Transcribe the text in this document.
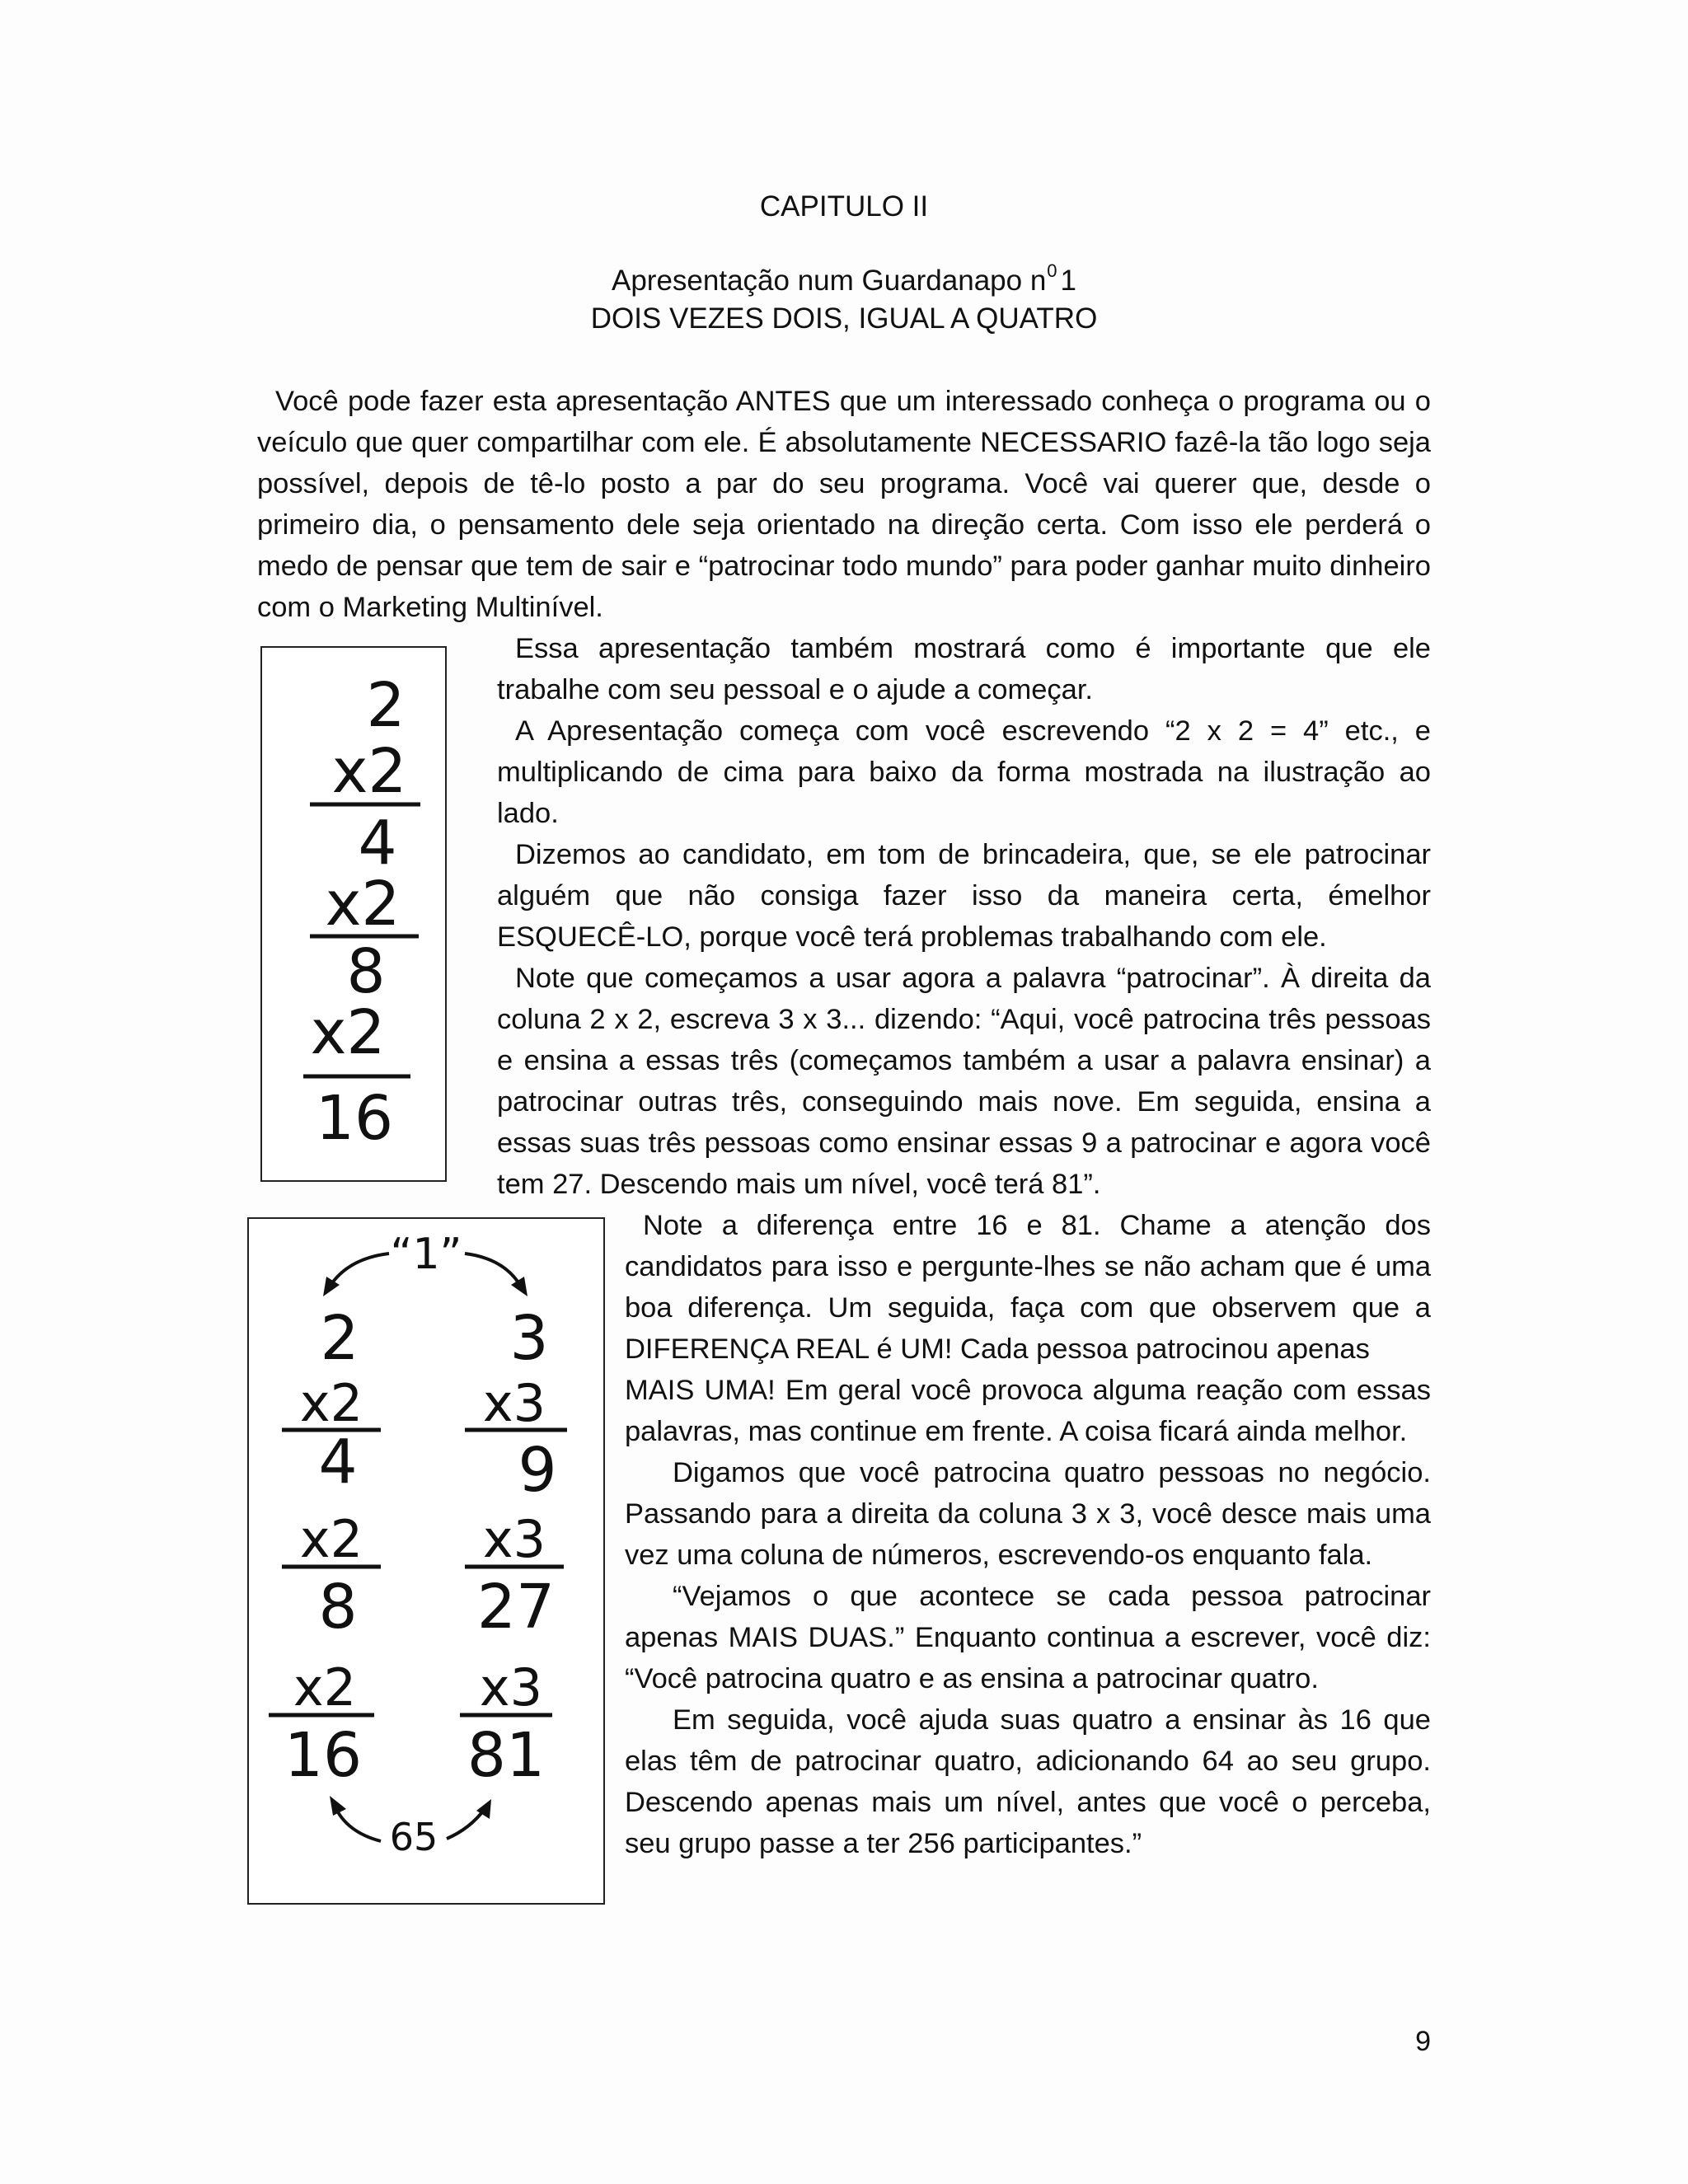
CAPITULO II
Apresentação num Guardanapo $n^0$ 1
DOIS VEZES DOIS, IGUAL A QUATRO

Você pode fazer esta apresentação ANTES que um interessado conheça o programa ou o veículo que quer compartilhar com ele. É absolutamente NECESSARIO fazê-la tão logo seja possível, depois de tê-lo posto a par do seu programa. Você vai querer que, desde o primeiro dia, o pensamento dele seja orientado na direção certa. Com isso ele perderá o medo de pensar que tem de sair e “patrocinar todo mundo” para poder ganhar muito dinheiro com o Marketing Multinível.

2
x2
4
x2
8
x2
16

Essa apresentação também mostrará como é importante que ele trabalhe com seu pessoal e o ajude a começar.

A Apresentação começa com você escrevendo “2 x 2 = 4” etc., e multiplicando de cima para baixo da forma mostrada na ilustração ao lado.

Dizemos ao candidato, em tom de brincadeira, que, se ele patrocinar alguém que não consiga fazer isso da maneira certa, émelhor ESQUECÊ-LO, porque você terá problemas trabalhando com ele.

Note que começamos a usar agora a palavra “patrocinar”. À direita da coluna 2 x 2, escreva 3 x 3... dizendo: “Aqui, você patrocina três pessoas e ensina a essas três (começamos também a usar a palavra ensinar) a patrocinar outras três, conseguindo mais nove. Em seguida, ensina a essas suas três pessoas como ensinar essas 9 a patrocinar e agora você tem 27. Descendo mais um nível, você terá 81”.

“1”
2
x2
4
x2
8
x2
16
3
x3
9
x3
27
x3
81
65

Note a diferença entre 16 e 81. Chame a atenção dos candidatos para isso e pergunte-lhes se não acham que é uma boa diferença. Um seguida, faça com que observem que a DIFERENÇA REAL é UM! Cada pessoa patrocinou apenas

MAIS UMA! Em geral você provoca alguma reação com essas palavras, mas continue em frente. A coisa ficará ainda melhor.

Digamos que você patrocina quatro pessoas no negócio. Passando para a direita da coluna 3 x 3, você desce mais uma vez uma coluna de números, escrevendo-os enquanto fala.

“Vejamos o que acontece se cada pessoa patrocinar apenas MAIS DUAS.” Enquanto continua a escrever, você diz: “Você patrocina quatro e as ensina a patrocinar quatro.

Em seguida, você ajuda suas quatro a ensinar às 16 que elas têm de patrocinar quatro, adicionando 64 ao seu grupo. Descendo apenas mais um nível, antes que você o perceba, seu grupo passe a ter 256 participantes.”

9
